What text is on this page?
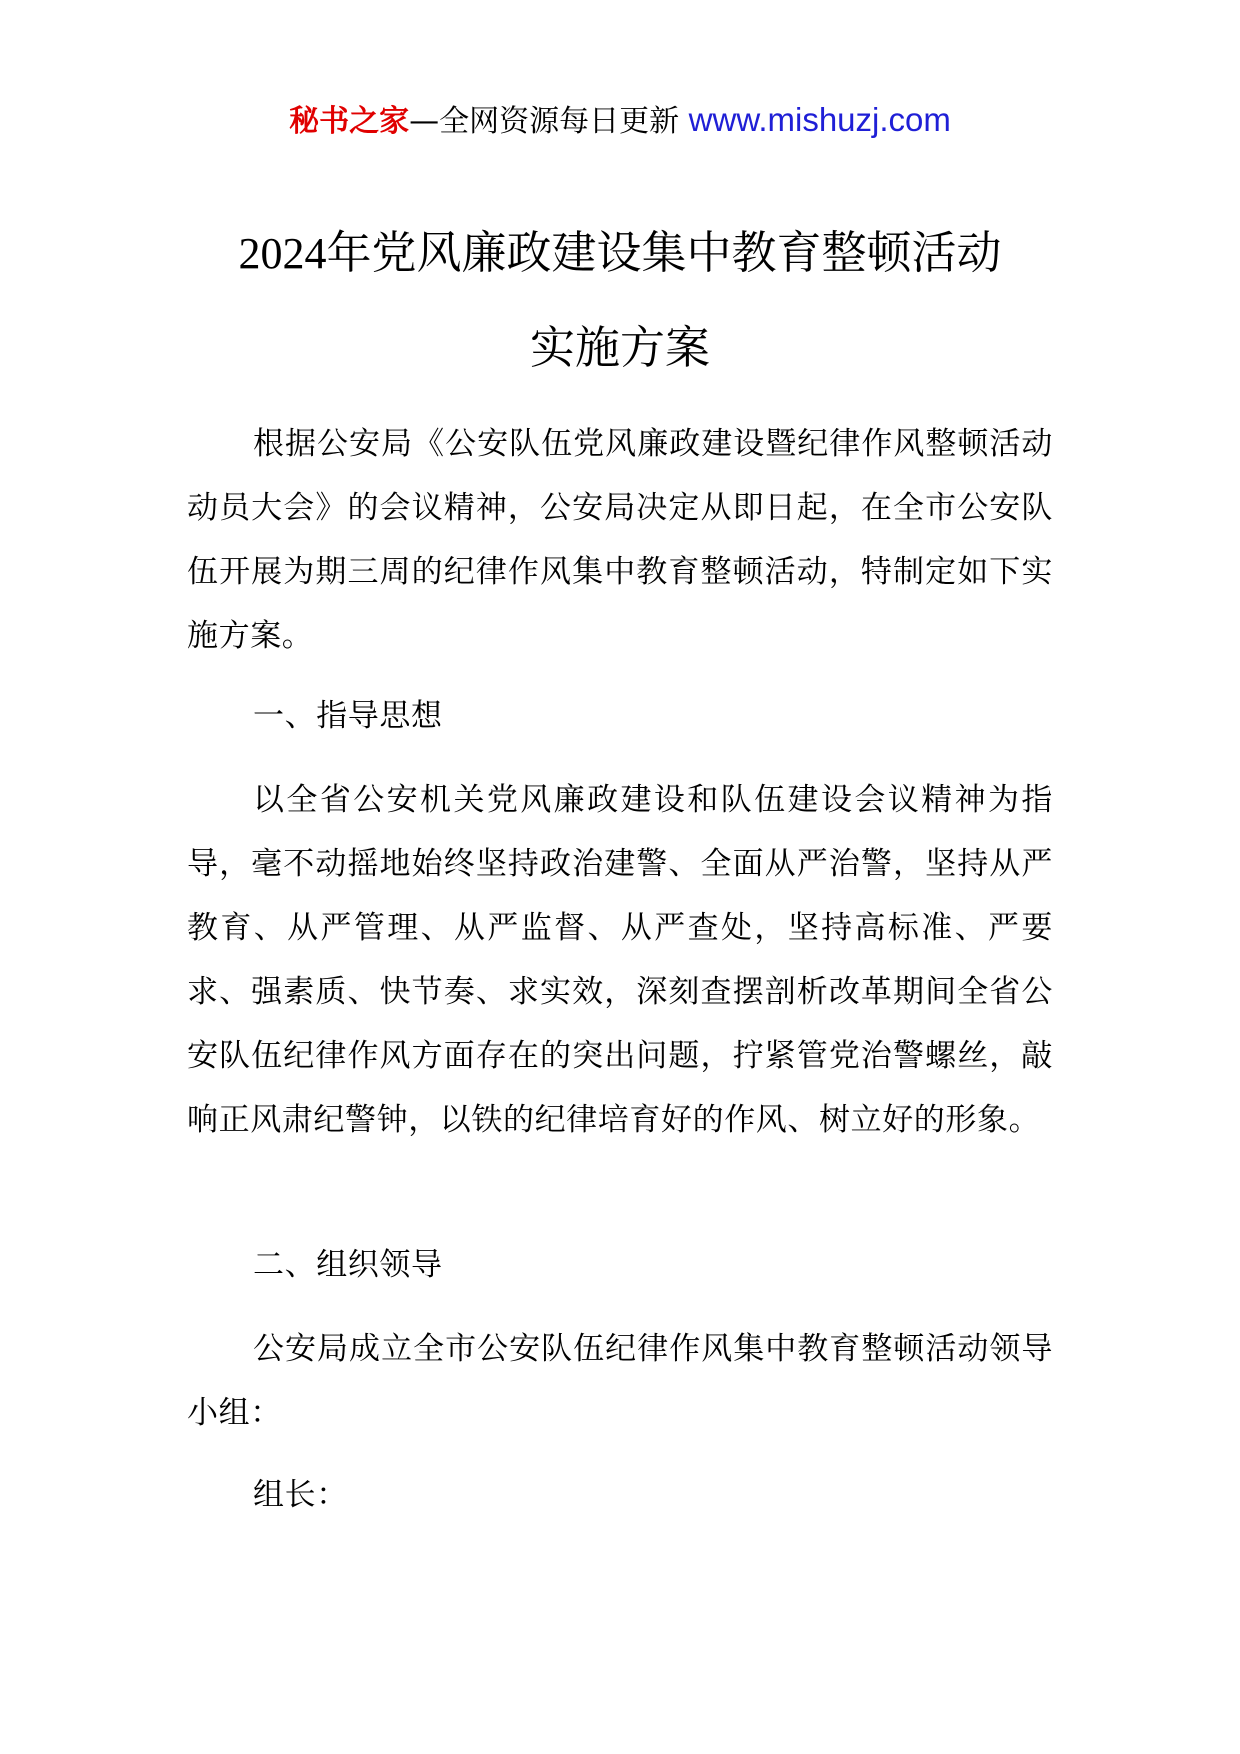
秘书之家—全网资源每日更新 www.mishuzj.com
2024年党风廉政建设集中教育整顿活动
实施方案

根据公安局《公安队伍党风廉政建设暨纪律作风整顿活动动员大会》的会议精神，公安局决定从即日起，在全市公安队伍开展为期三周的纪律作风集中教育整顿活动，特制定如下实施方案。

一、指导思想

以全省公安机关党风廉政建设和队伍建设会议精神为指导，毫不动摇地始终坚持政治建警、全面从严治警，坚持从严教育、从严管理、从严监督、从严查处，坚持高标准、严要求、强素质、快节奏、求实效，深刻查摆剖析改革期间全省公安队伍纪律作风方面存在的突出问题，拧紧管党治警螺丝，敲响正风肃纪警钟，以铁的纪律培育好的作风、树立好的形象。

二、组织领导

公安局成立全市公安队伍纪律作风集中教育整顿活动领导小组：

组长：
